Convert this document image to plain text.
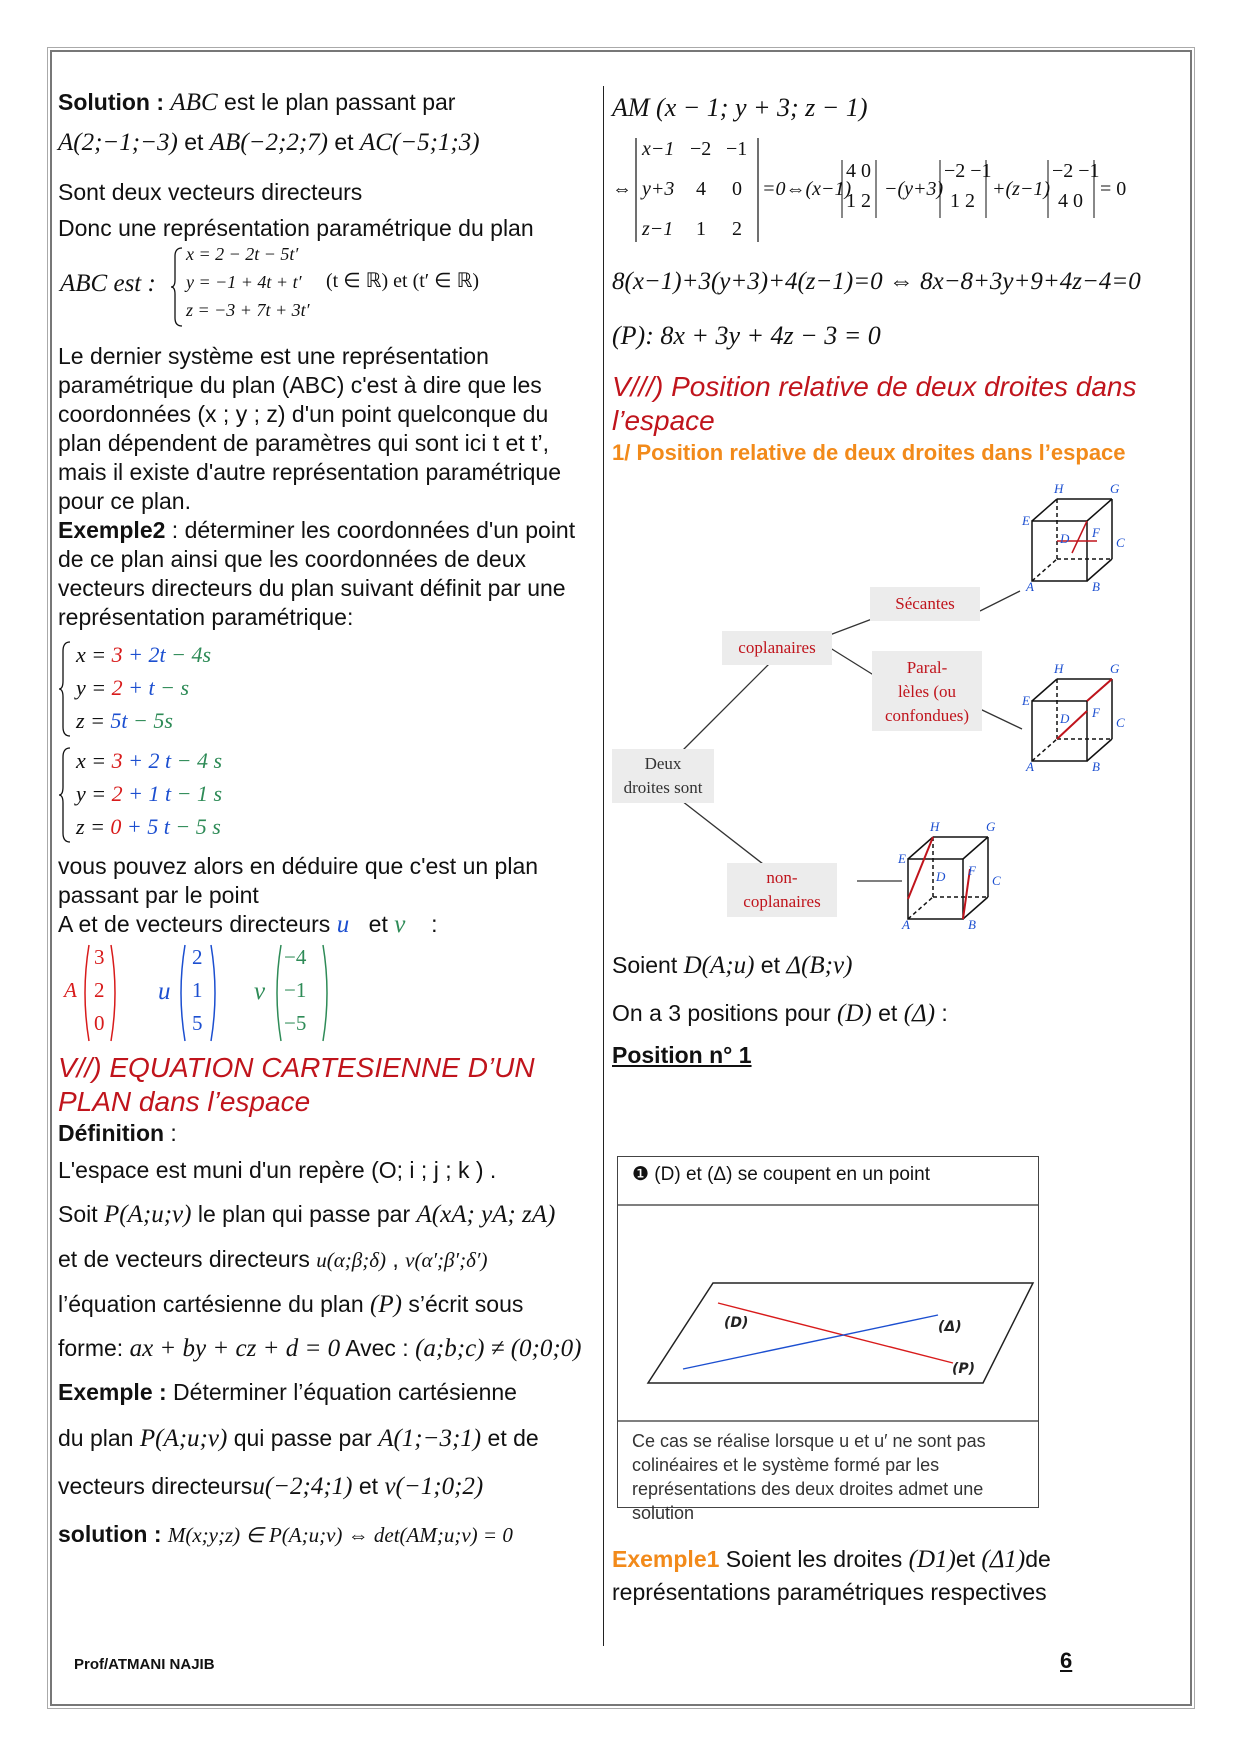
Solution : ABC est le plan passant par

A(2;−1;−3) et AB(−2;2;7) et AC(−5;1;3)

Sont deux vecteurs directeurs

Donc une représentation paramétrique du plan

ABC est :
x = 2 − 2t − 5t′
y = −1 + 4t + t′
z = −3 + 7t + 3t′
(t ∈ ℝ) et (t′ ∈ ℝ)

Le dernier système est une représentation paramétrique du plan (ABC) c'est à dire que les coordonnées (x ; y ; z) d'un point quelconque du plan dépendent de paramètres qui sont ici t et t’, mais il existe d'autre représentation paramétrique pour ce plan.

Exemple2 : déterminer les coordonnées d'un point de ce plan ainsi que les coordonnées de deux vecteurs directeurs du plan suivant définit par une représentation paramétrique:

x = 3 + 2t − 4s
y = 2 + t − s
z = 5t − 5s
x = 3 + 2 t − 4 s
y = 2 + 1 t − 1 s
z = 0 + 5 t − 5 s

vous pouvez alors en déduire que c'est un plan passant par le point

A et de vecteurs directeurs u⃗et v⃗ :

A
3
2
0
u
2
1
5
v
−4
−1
−5

V//) EQUATION CARTESIENNE D’UN PLAN dans l’espace

Définition :

L'espace est muni d'un repère (O; i ; j ; k ) .

Soit P(A;u;v) le plan qui passe par A(xA; yA; zA)

et de vecteurs directeurs u(α;β;δ) , v(α′;β′;δ′)

l’équation cartésienne du plan (P) s’écrit sous

forme: ax + by + cz + d = 0 Avec : (a;b;c) ≠ (0;0;0)

Exemple : Déterminer l’équation cartésienne

du plan P(A;u;v) qui passe par A(1;−3;1) et de

vecteurs directeursu(−2;4;1) et v(−1;0;2)

solution : M(x;y;z) ∈ P(A;u;v) ⇔ det(AM;u;v) = 0

AM (x − 1; y + 3; z − 1)

⇔
x−1 −2 −1
y+3 4 0
z−1 1 2
=0⇔(x−1)
4 0
1 2
−(y+3)
−2 −1
1 2
+(z−1)
−2 −1
4 0
= 0

8(x−1)+3(y+3)+4(z−1)=0 ⇔ 8x−8+3y+9+4z−4=0

(P): 8x + 3y + 4z − 3 = 0

V///) Position relative de deux droites dans l’espace

1/ Position relative de deux droites dans l’espace

Deux
droites sont
coplanaires
non-
coplanaires
Sécantes
Paral-
lèles (ou
confondues)
H	G
E
C
A	B
D F
H	G
E
C
A	B
D F
H	G
E
C
A	B
D F

Soient D(A;u) et Δ(B;v)

On a 3 positions pour (D) et (Δ) :

Position n° 1

❶ (D) et (Δ) se coupent en un point
(D)	(Δ)
(P)
Ce cas se réalise lorsque u et u′ ne sont pas colinéaires et le système formé par les représentations des deux droites admet une solution

Exemple1 Soient les droites (D1)et (Δ1)de

représentations paramétriques respectives

Prof/ATMANI NAJIB	6
